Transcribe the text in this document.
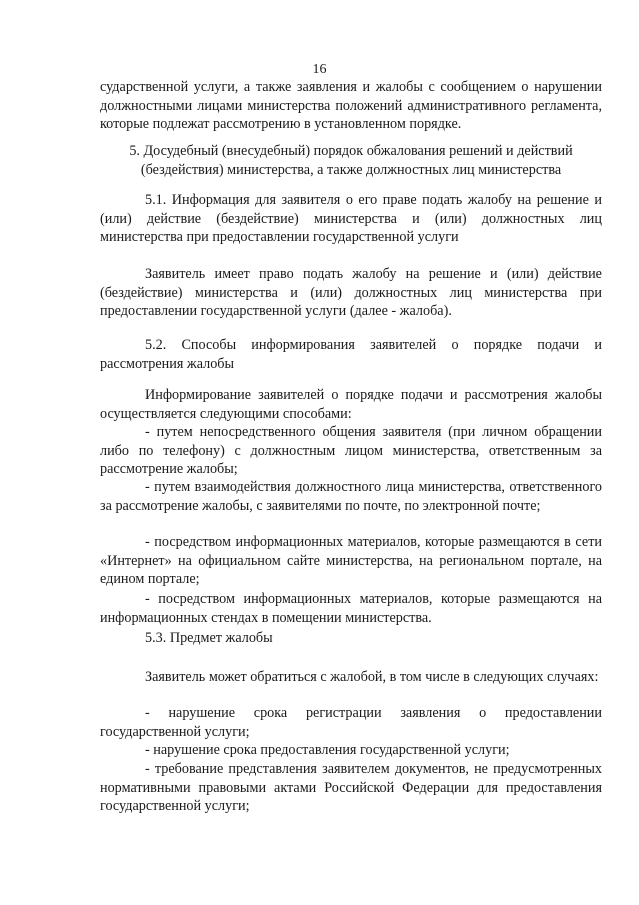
16

сударственной услуги, а также заявления и жалобы с сообщением о нарушении должностными лицами министерства положений административного регламента, которые подлежат рассмотрению в установленном порядке.

5. Досудебный (внесудебный) порядок обжалования решений и действий (бездействия) министерства, а также должностных лиц министерства

5.1. Информация для заявителя о его праве подать жалобу на решение и (или) действие (бездействие) министерства и (или) должностных лиц министерства при предоставлении государственной услуги

Заявитель имеет право подать жалобу на решение и (или) действие (бездействие) министерства и (или) должностных лиц министерства при предоставлении государственной услуги (далее - жалоба).

5.2. Способы информирования заявителей о порядке подачи и рассмотрения жалобы

Информирование заявителей о порядке подачи и рассмотрения жалобы осуществляется следующими способами:

- путем непосредственного общения заявителя (при личном обращении либо по телефону) с должностным лицом министерства, ответственным за рассмотрение жалобы;

- путем взаимодействия должностного лица министерства, ответственного за рассмотрение жалобы, с заявителями по почте, по электронной почте;

- посредством информационных материалов, которые размещаются в сети «Интернет» на официальном сайте министерства, на региональном портале, на едином портале;

- посредством информационных материалов, которые размещаются на информационных стендах в помещении министерства.

5.3. Предмет жалобы

Заявитель может обратиться с жалобой, в том числе в следующих случаях:

- нарушение срока регистрации заявления о предоставлении государственной услуги;

- нарушение срока предоставления государственной услуги;

- требование представления заявителем документов, не предусмотренных нормативными правовыми актами Российской Федерации для предоставления государственной услуги;
